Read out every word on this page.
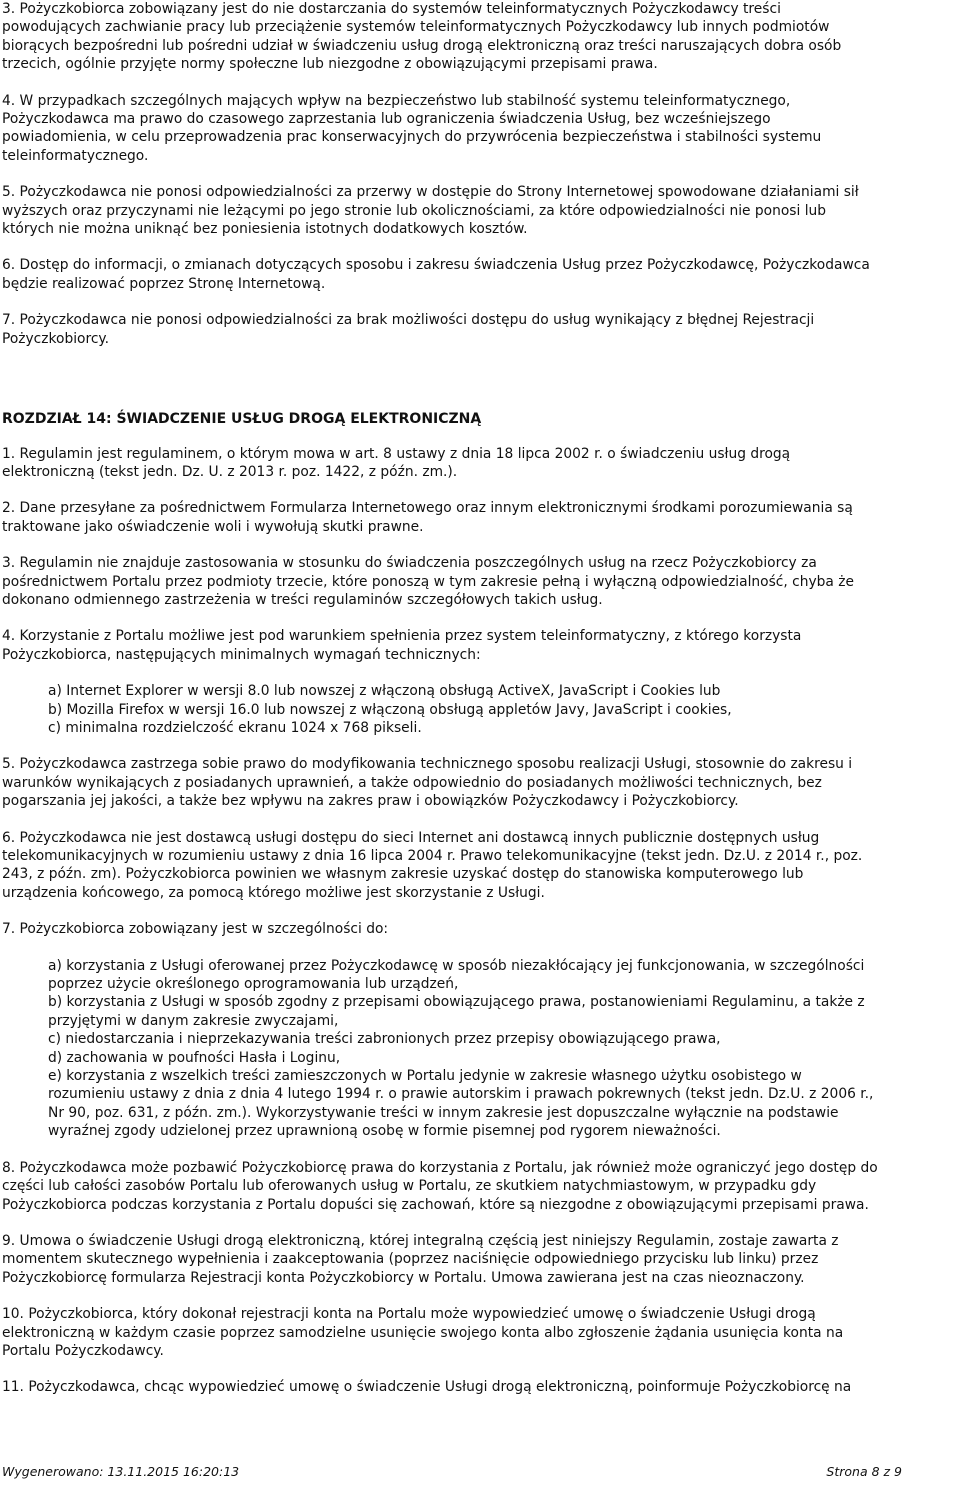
3. Pożyczkobiorca zobowiązany jest do nie dostarczania do systemów teleinformatycznych Pożyczkodawcy treści
powodujących zachwianie pracy lub przeciążenie systemów teleinformatycznych Pożyczkodawcy lub innych podmiotów
biorących bezpośredni lub pośredni udział w świadczeniu usług drogą elektroniczną oraz treści naruszających dobra osób
trzecich, ogólnie przyjęte normy społeczne lub niezgodne z obowiązującymi przepisami prawa.

4. W przypadkach szczególnych mających wpływ na bezpieczeństwo lub stabilność systemu teleinformatycznego,
Pożyczkodawca ma prawo do czasowego zaprzestania lub ograniczenia świadczenia Usług, bez wcześniejszego
powiadomienia, w celu przeprowadzenia prac konserwacyjnych do przywrócenia bezpieczeństwa i stabilności systemu
teleinformatycznego.

5. Pożyczkodawca nie ponosi odpowiedzialności za przerwy w dostępie do Strony Internetowej spowodowane działaniami sił
wyższych oraz przyczynami nie leżącymi po jego stronie lub okolicznościami, za które odpowiedzialności nie ponosi lub
których nie można uniknąć bez poniesienia istotnych dodatkowych kosztów.

6. Dostęp do informacji, o zmianach dotyczących sposobu i zakresu świadczenia Usług przez Pożyczkodawcę, Pożyczkodawca
będzie realizować poprzez Stronę Internetową.

7. Pożyczkodawca nie ponosi odpowiedzialności za brak możliwości dostępu do usług wynikający z błędnej Rejestracji
Pożyczkobiorcy.

ROZDZIAŁ 14: ŚWIADCZENIE USŁUG DROGĄ ELEKTRONICZNĄ

1. Regulamin jest regulaminem, o którym mowa w art. 8 ustawy z dnia 18 lipca 2002 r. o świadczeniu usług drogą
elektroniczną (tekst jedn. Dz. U. z 2013 r. poz. 1422, z późn. zm.).

2. Dane przesyłane za pośrednictwem Formularza Internetowego oraz innym elektronicznymi środkami porozumiewania są
traktowane jako oświadczenie woli i wywołują skutki prawne.

3. Regulamin nie znajduje zastosowania w stosunku do świadczenia poszczególnych usług na rzecz Pożyczkobiorcy za
pośrednictwem Portalu przez podmioty trzecie, które ponoszą w tym zakresie pełną i wyłączną odpowiedzialność, chyba że
dokonano odmiennego zastrzeżenia w treści regulaminów szczegółowych takich usług.

4. Korzystanie z Portalu możliwe jest pod warunkiem spełnienia przez system teleinformatyczny, z którego korzysta
Pożyczkobiorca, następujących minimalnych wymagań technicznych:

a) Internet Explorer w wersji 8.0 lub nowszej z włączoną obsługą ActiveX, JavaScript i Cookies lub
b) Mozilla Firefox w wersji 16.0 lub nowszej z włączoną obsługą appletów Javy, JavaScript i cookies,
c) minimalna rozdzielczość ekranu 1024 x 768 pikseli.

5. Pożyczkodawca zastrzega sobie prawo do modyfikowania technicznego sposobu realizacji Usługi, stosownie do zakresu i
warunków wynikających z posiadanych uprawnień, a także odpowiednio do posiadanych możliwości technicznych, bez
pogarszania jej jakości, a także bez wpływu na zakres praw i obowiązków Pożyczkodawcy i Pożyczkobiorcy.

6. Pożyczkodawca nie jest dostawcą usługi dostępu do sieci Internet ani dostawcą innych publicznie dostępnych usług
telekomunikacyjnych w rozumieniu ustawy z dnia 16 lipca 2004 r. Prawo telekomunikacyjne (tekst jedn. Dz.U. z 2014 r., poz.
243, z późn. zm). Pożyczkobiorca powinien we własnym zakresie uzyskać dostęp do stanowiska komputerowego lub
urządzenia końcowego, za pomocą którego możliwe jest skorzystanie z Usługi.

7. Pożyczkobiorca zobowiązany jest w szczególności do:

a) korzystania z Usługi oferowanej przez Pożyczkodawcę w sposób niezakłócający jej funkcjonowania, w szczególności
poprzez użycie określonego oprogramowania lub urządzeń,
b) korzystania z Usługi w sposób zgodny z przepisami obowiązującego prawa, postanowieniami Regulaminu, a także z
przyjętymi w danym zakresie zwyczajami,
c) niedostarczania i nieprzekazywania treści zabronionych przez przepisy obowiązującego prawa,
d) zachowania w poufności Hasła i Loginu,
e) korzystania z wszelkich treści zamieszczonych w Portalu jedynie w zakresie własnego użytku osobistego w
rozumieniu ustawy z dnia z dnia 4 lutego 1994 r. o prawie autorskim i prawach pokrewnych (tekst jedn. Dz.U. z 2006 r.,
Nr 90, poz. 631, z późn. zm.). Wykorzystywanie treści w innym zakresie jest dopuszczalne wyłącznie na podstawie
wyraźnej zgody udzielonej przez uprawnioną osobę w formie pisemnej pod rygorem nieważności.

8. Pożyczkodawca może pozbawić Pożyczkobiorcę prawa do korzystania z Portalu, jak również może ograniczyć jego dostęp do
części lub całości zasobów Portalu lub oferowanych usług w Portalu, ze skutkiem natychmiastowym, w przypadku gdy
Pożyczkobiorca podczas korzystania z Portalu dopuści się zachowań, które są niezgodne z obowiązującymi przepisami prawa.

9. Umowa o świadczenie Usługi drogą elektroniczną, której integralną częścią jest niniejszy Regulamin, zostaje zawarta z
momentem skutecznego wypełnienia i zaakceptowania (poprzez naciśnięcie odpowiedniego przycisku lub linku) przez
Pożyczkobiorcę formularza Rejestracji konta Pożyczkobiorcy w Portalu. Umowa zawierana jest na czas nieoznaczony.

10. Pożyczkobiorca, który dokonał rejestracji konta na Portalu może wypowiedzieć umowę o świadczenie Usługi drogą
elektroniczną w każdym czasie poprzez samodzielne usunięcie swojego konta albo zgłoszenie żądania usunięcia konta na
Portalu Pożyczkodawcy.

11. Pożyczkodawca, chcąc wypowiedzieć umowę o świadczenie Usługi drogą elektroniczną, poinformuje Pożyczkobiorcę na

Wygenerowano: 13.11.2015 16:20:13	Strona 8 z 9
